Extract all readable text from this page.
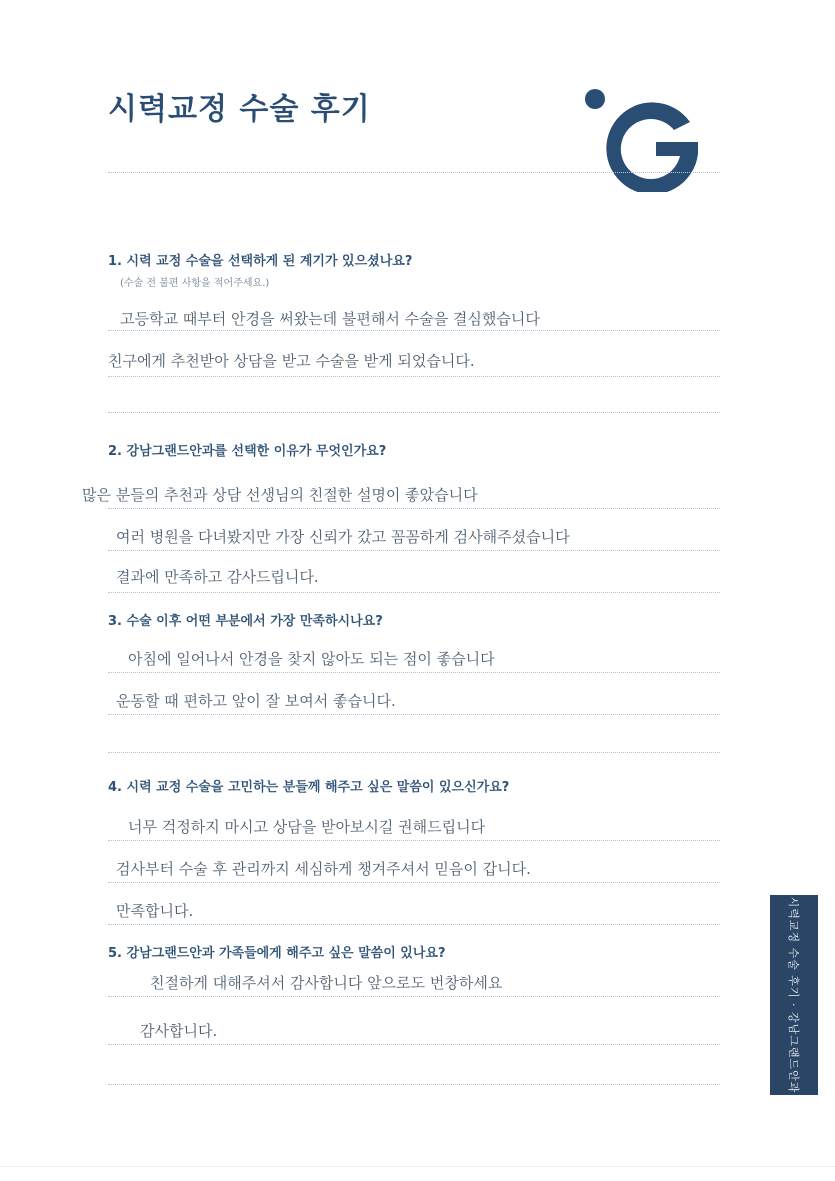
시력교정 수술 후기
1. 시력 교정 수술을 선택하게 된 계기가 있으셨나요?
(수술 전 불편 사항을 적어주세요.)
고등학교 때부터 안경을 써왔는데 불편해서 수술을 결심했습니다
친구에게 추천받아 상담을 받고 수술을 받게 되었습니다.
2. 강남그랜드안과를 선택한 이유가 무엇인가요?
많은 분들의 추천과 상담 선생님의 친절한 설명이 좋았습니다
여러 병원을 다녀봤지만 가장 신뢰가 갔고 꼼꼼하게 검사해주셨습니다
결과에 만족하고 감사드립니다.
3. 수술 이후 어떤 부분에서 가장 만족하시나요?
아침에 일어나서 안경을 찾지 않아도 되는 점이 좋습니다
운동할 때 편하고 앞이 잘 보여서 좋습니다.
4. 시력 교정 수술을 고민하는 분들께 해주고 싶은 말씀이 있으신가요?
너무 걱정하지 마시고 상담을 받아보시길 권해드립니다
검사부터 수술 후 관리까지 세심하게 챙겨주셔서 믿음이 갑니다.
만족합니다.
5. 강남그랜드안과 가족들에게 해주고 싶은 말씀이 있나요?
친절하게 대해주셔서 감사합니다 앞으로도 번창하세요
감사합니다.	시력교정 수술 후기 · 강남그랜드안과
